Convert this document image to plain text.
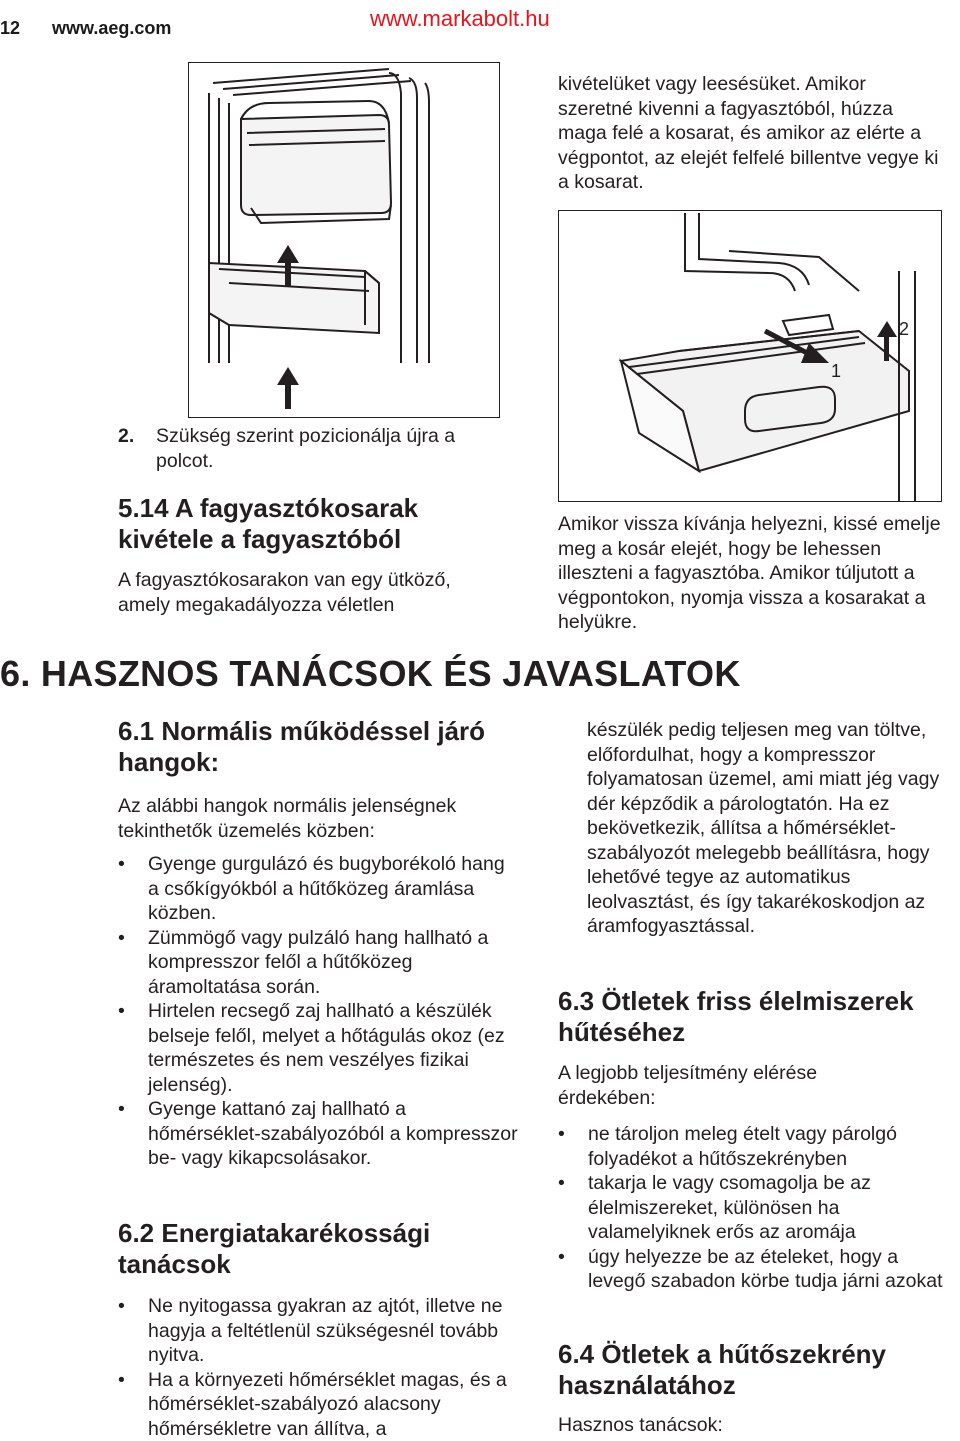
12 www.aeg.com	www.markabolt.hu
1
2
kivételüket vagy leesésüket. Amikor szeretné kivenni a fagyasztóból, húzza maga felé a kosarat, és amikor az elérte a végpontot, az elejét felfelé billentve vegye ki a kosarat.
Amikor vissza kívánja helyezni, kissé emelje meg a kosár elejét, hogy be lehessen illeszteni a fagyasztóba. Amikor túljutott a végpontokon, nyomja vissza a kosarakat a helyükre.
2. Szükség szerint pozicionálja újra a polcot.
5.14 A fagyasztókosarak kivétele a fagyasztóból
A fagyasztókosarakon van egy ütköző, amely megakadályozza véletlen
6. HASZNOS TANÁCSOK ÉS JAVASLATOK
6.1 Normális működéssel járó hangok:
Az alábbi hangok normális jelenségnek tekinthetők üzemelés közben:
• Gyenge gurgulázó és bugyborékoló hang a csőkígyókból a hűtőközeg áramlása közben.
• Zümmögő vagy pulzáló hang hallható a kompresszor felől a hűtőközeg áramoltatása során.
• Hirtelen recsegő zaj hallható a készülék belseje felől, melyet a hőtágulás okoz (ez természetes és nem veszélyes fizikai jelenség).
• Gyenge kattanó zaj hallható a hőmérséklet-szabályozóból a kompresszor be- vagy kikapcsolásakor.
6.2 Energiatakarékossági tanácsok
• Ne nyitogassa gyakran az ajtót, illetve ne hagyja a feltétlenül szükségesnél tovább nyitva.
• Ha a környezeti hőmérséklet magas, és a hőmérséklet-szabályozó alacsony hőmérsékletre van állítva, a
készülék pedig teljesen meg van töltve, előfordulhat, hogy a kompresszor folyamatosan üzemel, ami miatt jég vagy dér képződik a párologtatón. Ha ez bekövetkezik, állítsa a hőmérséklet-szabályozót melegebb beállításra, hogy lehetővé tegye az automatikus leolvasztást, és így takarékoskodjon az áramfogyasztással.
6.3 Ötletek friss élelmiszerek hűtéséhez
A legjobb teljesítmény elérése érdekében:
• ne tároljon meleg ételt vagy párolgó folyadékot a hűtőszekrényben
• takarja le vagy csomagolja be az élelmiszereket, különösen ha valamelyiknek erős az aromája
• úgy helyezze be az ételeket, hogy a levegő szabadon körbe tudja járni azokat
6.4 Ötletek a hűtőszekrény használatához
Hasznos tanácsok:
